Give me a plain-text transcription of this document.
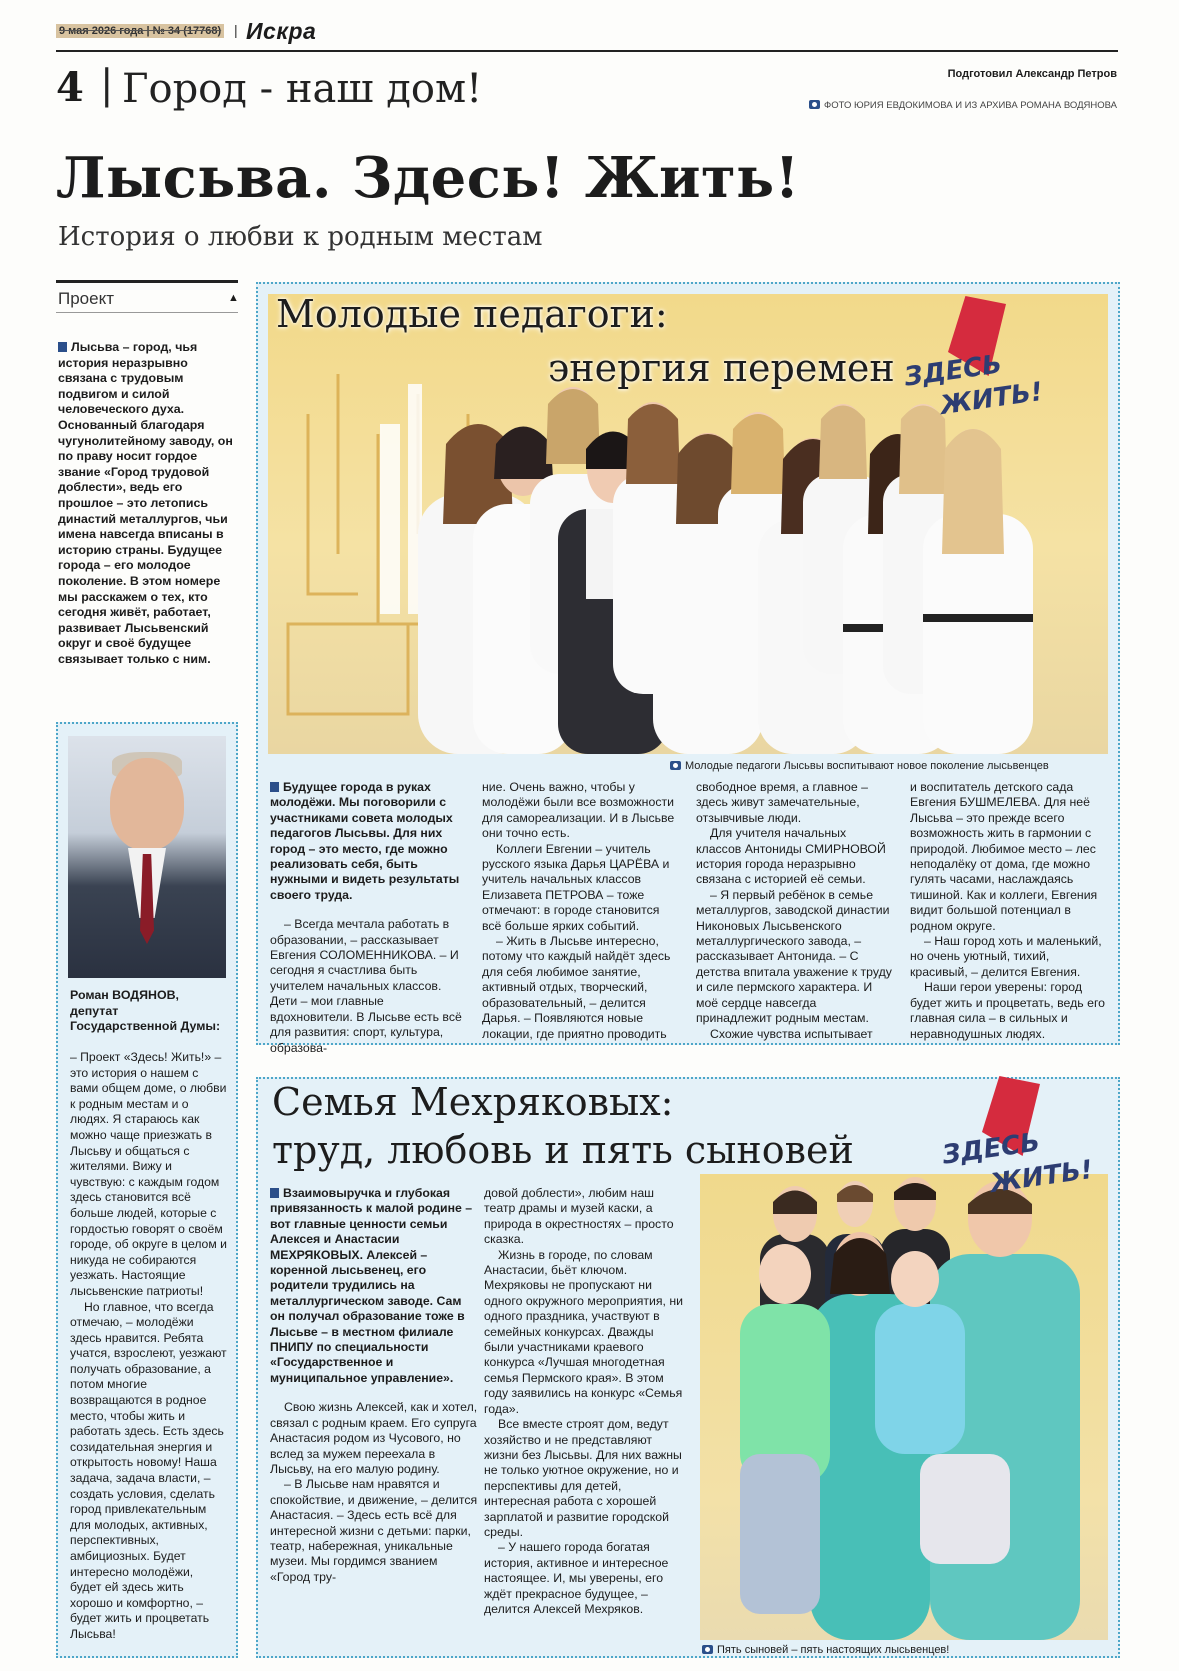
9 мая 2026 года | № 34 (17768) | Искра
4 | Город - наш дом!	Подготовил Александр Петров
ФОТО ЮРИЯ ЕВДОКИМОВА И ИЗ АРХИВА РОМАНА ВОДЯНОВА
Лысьва. Здесь! Жить!
История о любви к родным местам
Проект	▲
Лысьва – город, чья история неразрывно связана с трудовым подвигом и силой человеческого духа. Основанный благодаря чугунолитейному заводу, он по праву носит гордое звание «Город трудовой доблести», ведь его прошлое – это летопись династий металлургов, чьи имена навсегда вписаны в историю страны. Будущее города – его молодое поколение. В этом номере мы расскажем о тех, кто сегодня живёт, работает, развивает Лысьвенский округ и своё будущее связывает только с ним.
Роман ВОДЯНОВ, депутат Государственной Думы:

– Проект «Здесь! Жить!» – это история о нашем с вами общем доме, о любви к родным местам и о людях. Я стараюсь как можно чаще приезжать в Лысьву и общаться с жителями. Вижу и чувствую: с каждым годом здесь становится всё больше людей, которые с гордостью говорят о своём городе, об округе в целом и никуда не собираются уезжать. Настоящие лысьвенские патриоты!

Но главное, что всегда отмечаю, – молодёжи здесь нравится. Ребята учатся, взрослеют, уезжают получать образование, а потом многие возвращаются в родное место, чтобы жить и работать здесь. Есть здесь созидательная энергия и открытость новому! Наша задача, задача власти, – создать условия, сделать город привлекательным для молодых, активных, перспективных, амбициозных. Будет интересно молодёжи, будет ей здесь жить хорошо и комфортно, – будет жить и процветать Лысьва!

Молодые педагоги:
энергия перемен ЗДЕСЬ
ЖИТЬ!
Молодые педагоги Лысьвы воспитывают новое поколение лысьвенцев

Будущее города в руках молодёжи. Мы поговорили с участниками совета молодых педагогов Лысьвы. Для них город – это место, где можно реализовать себя, быть нужными и видеть результаты своего труда.

– Всегда мечтала работать в образовании, – рассказывает Евгения СОЛОМЕННИКОВА. – И сегодня я счастлива быть учителем начальных классов. Дети – мои главные вдохновители. В Лысьве есть всё для развития: спорт, культура, образова-

ние. Очень важно, чтобы у молодёжи были все возможности для самореализации. И в Лысьве они точно есть.

Коллеги Евгении – учитель русского языка Дарья ЦАРЁВА и учитель начальных классов Елизавета ПЕТРОВА – тоже отмечают: в городе становится всё больше ярких событий.

– Жить в Лысьве интересно, потому что каждый найдёт здесь для себя любимое занятие, активный отдых, творческий, образовательный, – делится Дарья. – Появляются новые локации, где приятно проводить

свободное время, а главное – здесь живут замечательные, отзывчивые люди.

Для учителя начальных классов Антониды СМИРНОВОЙ история города неразрывно связана с историей её семьи.

– Я первый ребёнок в семье металлургов, заводской династии Никоновых Лысьвенского металлургического завода, – рассказывает Антонида. – С детства впитала уважение к труду и силе пермского характера. И моё сердце навсегда принадлежит родным местам.

Схожие чувства испытывает

и воспитатель детского сада Евгения БУШМЕЛЕВА. Для неё Лысьва – это прежде всего возможность жить в гармонии с природой. Любимое место – лес неподалёку от дома, где можно гулять часами, наслаждаясь тишиной. Как и коллеги, Евгения видит большой потенциал в родном округе.

– Наш город хоть и маленький, но очень уютный, тихий, красивый, – делится Евгения.

Наши герои уверены: город будет жить и процветать, ведь его главная сила – в сильных и неравнодушных людях.

Семья Мехряковых:
труд, любовь и пять сыновей	ЗДЕСЬ
ЖИТЬ!
Пять сыновей – пять настоящих лысьвенцев!

Взаимовыручка и глубокая привязанность к малой родине – вот главные ценности семьи Алексея и Анастасии МЕХРЯКОВЫХ. Алексей – коренной лысьвенец, его родители трудились на металлургическом заводе. Сам он получал образование тоже в Лысьве – в местном филиале ПНИПУ по специальности «Государственное и муниципальное управление».

Свою жизнь Алексей, как и хотел, связал с родным краем. Его супруга Анастасия родом из Чусового, но вслед за мужем переехала в Лысьву, на его малую родину.

– В Лысьве нам нравятся и спокойствие, и движение, – делится Анастасия. – Здесь есть всё для интересной жизни с детьми: парки, театр, набережная, уникальные музеи. Мы гордимся званием «Город тру-

довой доблести», любим наш театр драмы и музей каски, а природа в окрестностях – просто сказка.

Жизнь в городе, по словам Анастасии, бьёт ключом. Мехряковы не пропускают ни одного окружного мероприятия, ни одного праздника, участвуют в семейных конкурсах. Дважды были участниками краевого конкурса «Лучшая многодетная семья Пермского края». В этом году заявились на конкурс «Семья года».

Все вместе строят дом, ведут хозяйство и не представляют жизни без Лысьвы. Для них важны не только уютное окружение, но и перспективы для детей, интересная работа с хорошей зарплатой и развитие городской среды.

– У нашего города богатая история, активное и интересное настоящее. И, мы уверены, его ждёт прекрасное будущее, – делится Алексей Мехряков.
